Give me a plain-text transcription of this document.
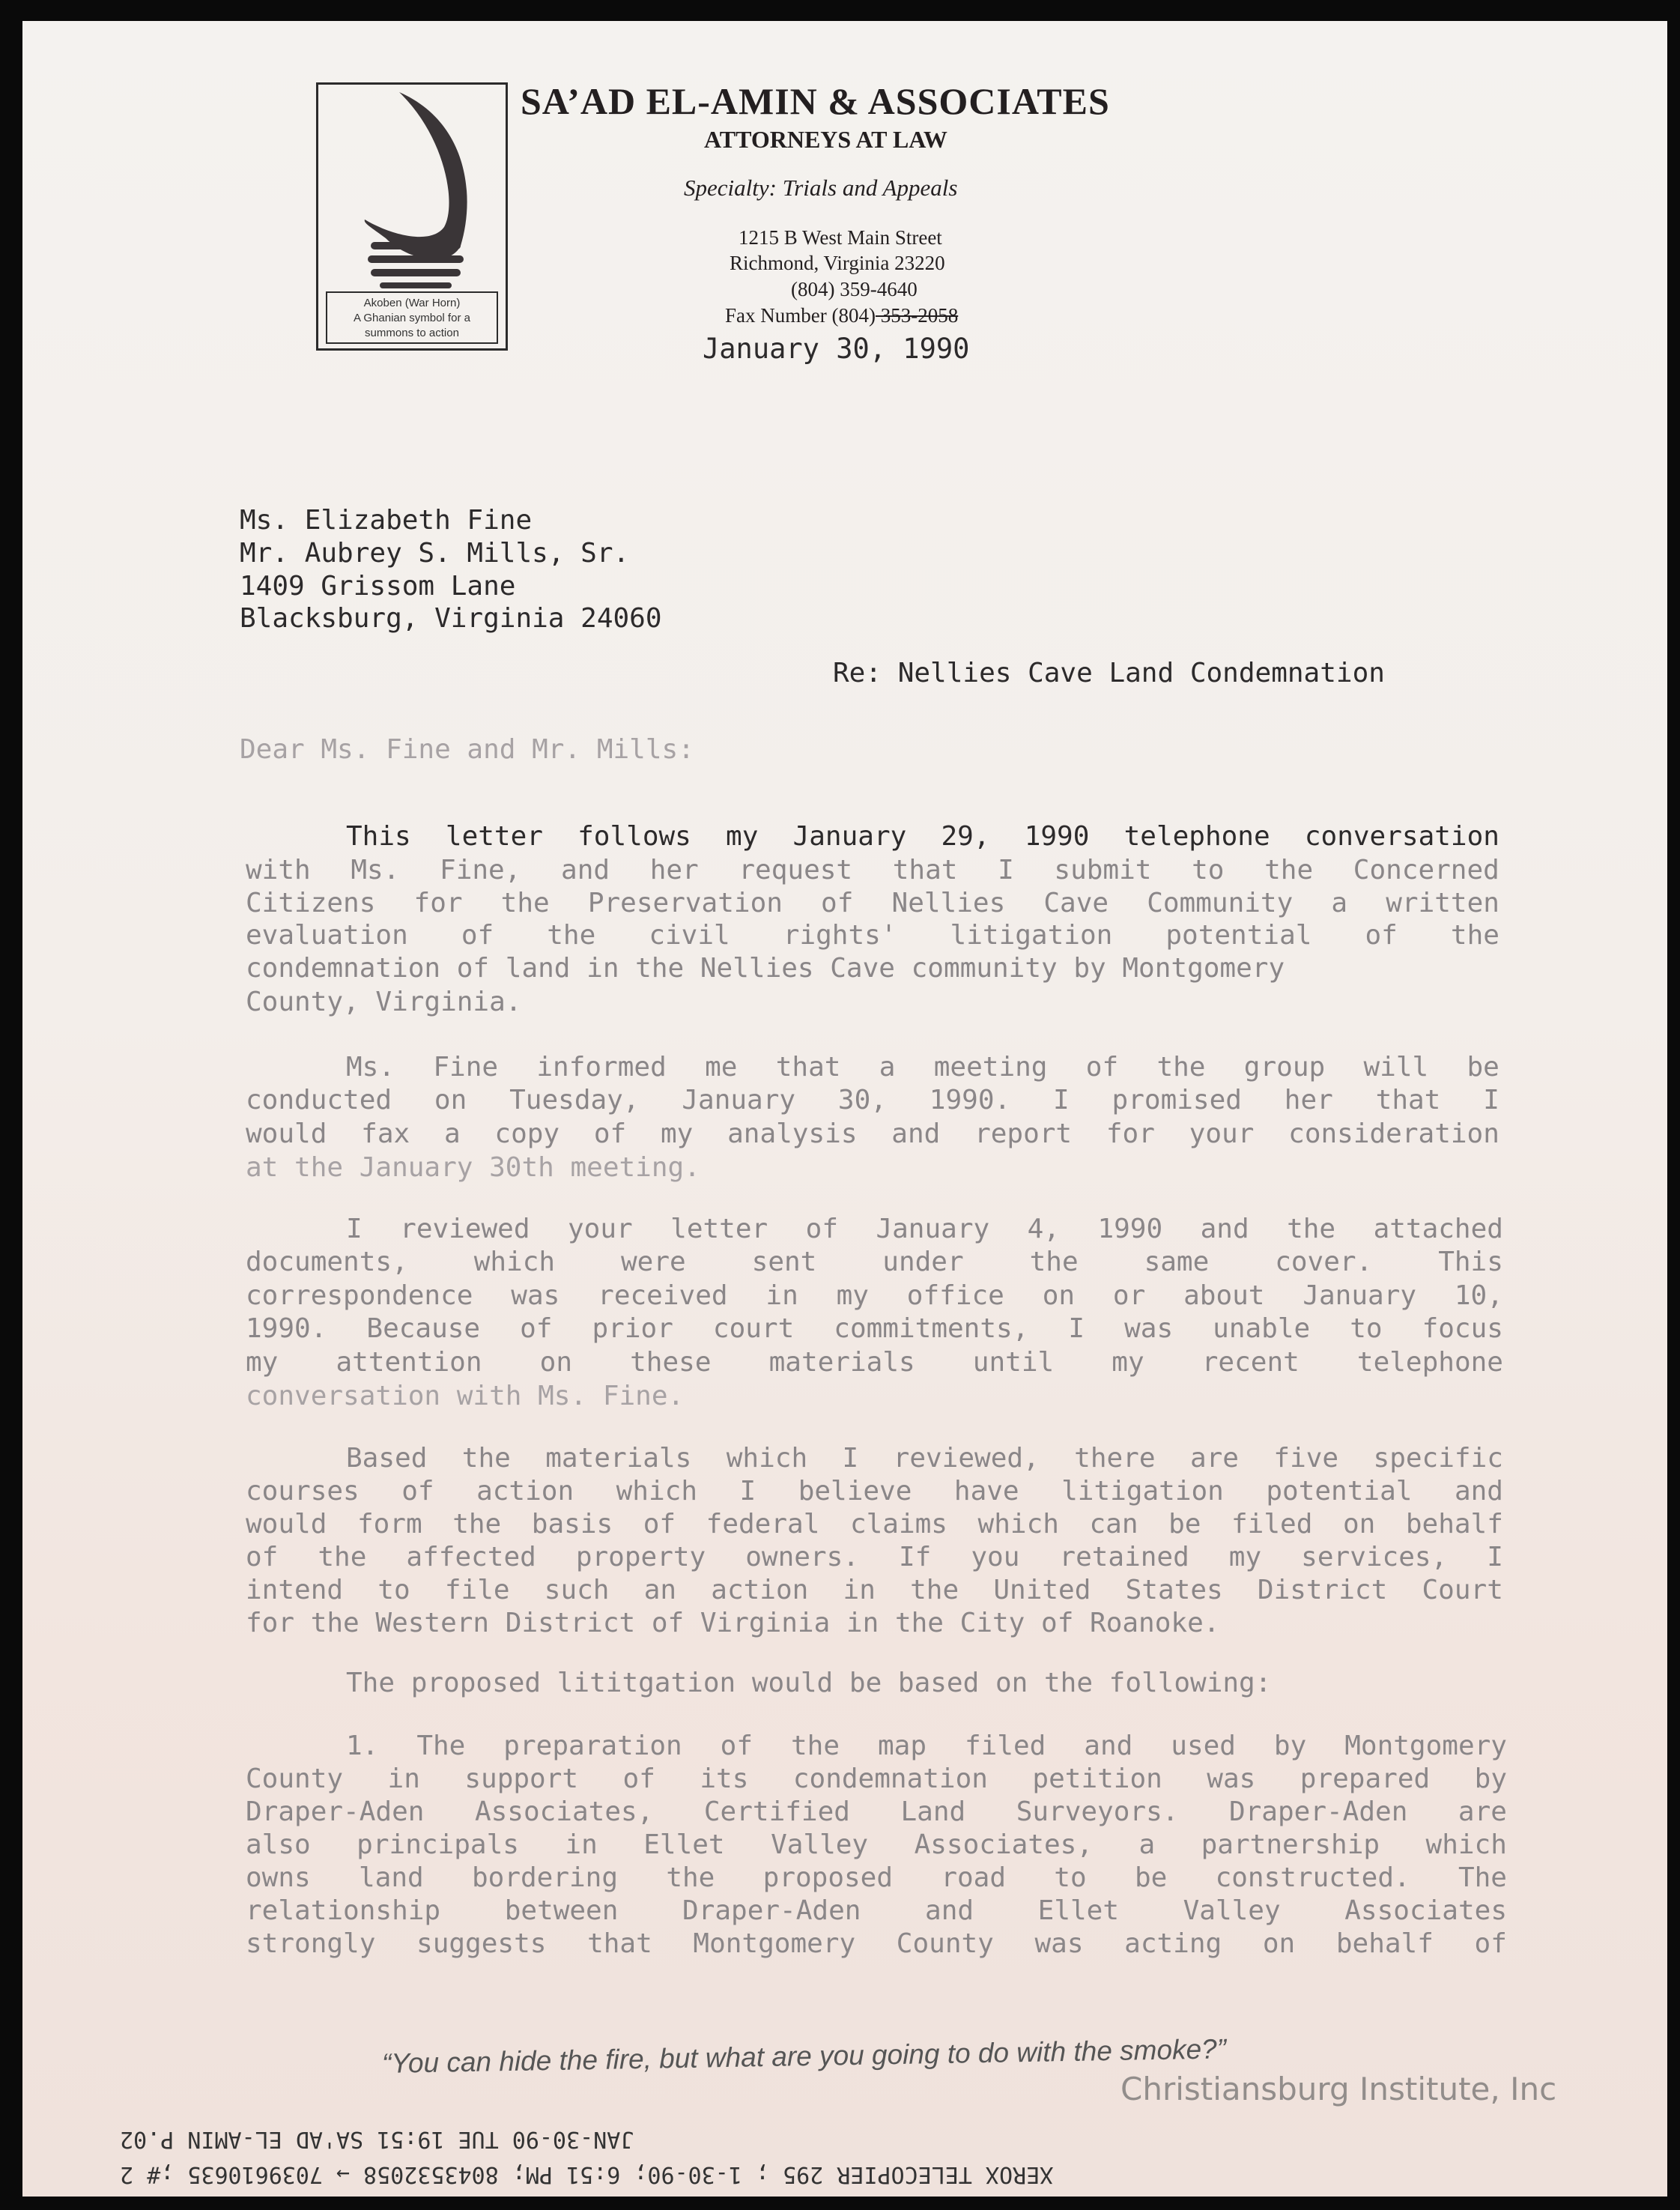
Akoben (War Horn)
A Ghanian symbol for a
summons to action
SA’AD EL-AMIN & ASSOCIATES
ATTORNEYS AT LAW
Specialty: Trials and Appeals
1215 B West Main Street
Richmond, Virginia 23220
(804) 359-4640
Fax Number (804) 353-2058
January 30, 1990
Ms. Elizabeth Fine
Mr. Aubrey S. Mills, Sr.
1409 Grissom Lane
Blacksburg, Virginia 24060
Re: Nellies Cave Land Condemnation
Dear Ms. Fine and Mr. Mills:
This letter follows my January 29, 1990 telephone conversation
with Ms. Fine, and her request that I submit to the Concerned
Citizens for the Preservation of Nellies Cave Community a written
evaluation of the civil rights' litigation potential of the
condemnation of land in the Nellies Cave community by Montgomery
County, Virginia.
Ms. Fine informed me that a meeting of the group will be
conducted on Tuesday, January 30, 1990. I promised her that I
would fax a copy of my analysis and report for your consideration
at the January 30th meeting.
I reviewed your letter of January 4, 1990 and the attached
documents, which were sent under the same cover. This
correspondence was received in my office on or about January 10,
1990. Because of prior court commitments, I was unable to focus
my attention on these materials until my recent telephone
conversation with Ms. Fine.
Based the materials which I reviewed, there are five specific
courses of action which I believe have litigation potential and
would form the basis of federal claims which can be filed on behalf
of the affected property owners. If you retained my services, I
intend to file such an action in the United States District Court
for the Western District of Virginia in the City of Roanoke.
The proposed lititgation would be based on the following:
1. The preparation of the map filed and used by Montgomery
County in support of its condemnation petition was prepared by
Draper-Aden Associates, Certified Land Surveyors. Draper-Aden are
also principals in Ellet Valley Associates, a partnership which
owns land bordering the proposed road to be constructed. The
relationship between Draper-Aden and Ellet Valley Associates
strongly suggests that Montgomery County was acting on behalf of
“You can hide the fire, but what are you going to do with the smoke?”
Christiansburg Institute, Inc
JAN-30-90 TUE 19:51 SA'AD EL-AMIN P.02
XEROX TELECOPIER 295 ; 1-30-90; 6:51 PM; 8043532058 → 7039610635 ;# 2
